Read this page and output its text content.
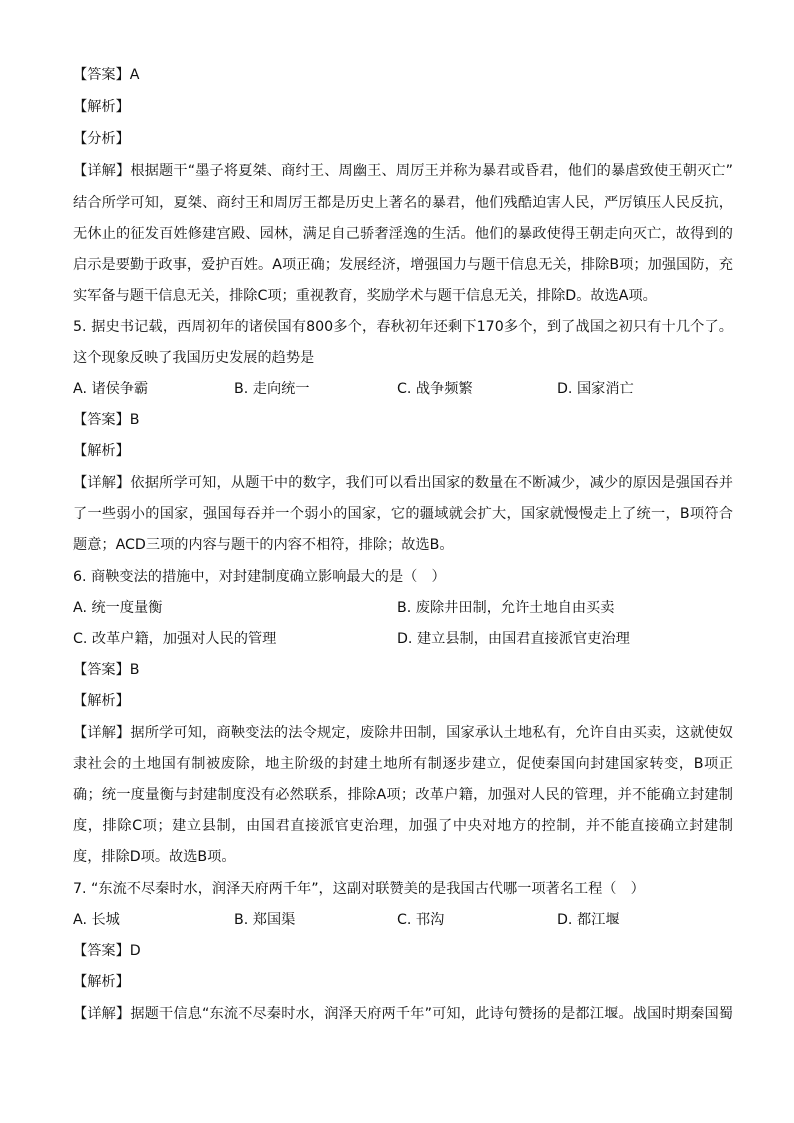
【答案】A
【解析】
【分析】
【详解】根据题干“墨子将夏桀、商纣王、周幽王、周厉王并称为暴君或昏君，他们的暴虐致使王朝灭亡”
结合所学可知，夏桀、商纣王和周厉王都是历史上著名的暴君，他们残酷迫害人民，严厉镇压人民反抗，
无休止的征发百姓修建宫殿、园林，满足自己骄奢淫逸的生活。他们的暴政使得王朝走向灭亡，故得到的
启示是要勤于政事，爱护百姓。A项正确；发展经济，增强国力与题干信息无关，排除B项；加强国防，充
实军备与题干信息无关，排除C项；重视教育，奖励学术与题干信息无关，排除D。故选A项。
5. 据史书记载，西周初年的诸侯国有800多个，春秋初年还剩下170多个，到了战国之初只有十几个了。
这个现象反映了我国历史发展的趋势是
A. 诸侯争霸	B. 走向统一	C. 战争频繁	D. 国家消亡
【答案】B
【解析】
【详解】依据所学可知，从题干中的数字，我们可以看出国家的数量在不断减少，减少的原因是强国吞并
了一些弱小的国家，强国每吞并一个弱小的国家，它的疆域就会扩大，国家就慢慢走上了统一，B项符合
题意；ACD三项的内容与题干的内容不相符，排除；故选B。
6. 商鞅变法的措施中，对封建制度确立影响最大的是（　）
A. 统一度量衡	B. 废除井田制，允许土地自由买卖
C. 改革户籍，加强对人民的管理	D. 建立县制，由国君直接派官吏治理
【答案】B
【解析】
【详解】据所学可知，商鞅变法的法令规定，废除井田制，国家承认土地私有，允许自由买卖，这就使奴
隶社会的土地国有制被废除，地主阶级的封建土地所有制逐步建立，促使秦国向封建国家转变，B项正
确；统一度量衡与封建制度没有必然联系，排除A项；改革户籍，加强对人民的管理，并不能确立封建制
度，排除C项；建立县制，由国君直接派官吏治理，加强了中央对地方的控制，并不能直接确立封建制
度，排除D项。故选B项。
7. “东流不尽秦时水，润泽天府两千年”，这副对联赞美的是我国古代哪一项著名工程（　）
A. 长城	B. 郑国渠	C. 邗沟	D. 都江堰
【答案】D
【解析】
【详解】据题干信息“东流不尽秦时水，润泽天府两千年”可知，此诗句赞扬的是都江堰。战国时期秦国蜀
